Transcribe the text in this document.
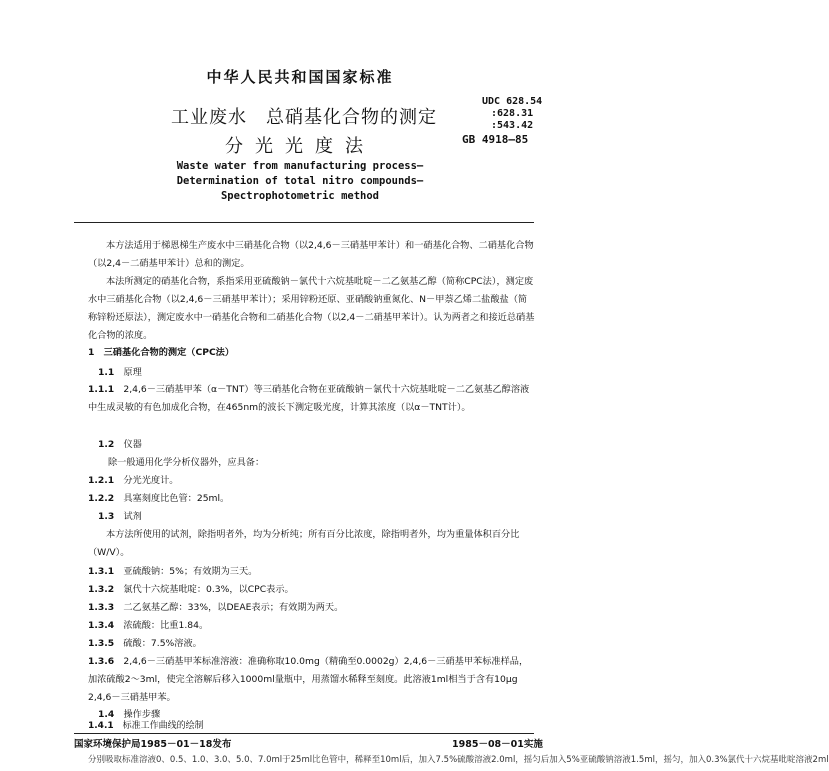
中华人民共和国国家标准
UDC 628.54
:628.31
:543.42
GB 4918—85
工业废水　总硝基化合物的测定
分光光度法
Waste water from manufacturing process—
Determination of total nitro compounds—
Spectrophotometric method
本方法适用于梯恩梯生产废水中三硝基化合物（以2,4,6－三硝基甲苯计）和一硝基化合物、二硝基化合物（以2,4－二硝基甲苯计）总和的测定。
本法所测定的硝基化合物，系指采用亚硫酸钠－氯代十六烷基吡啶－二乙氨基乙醇（简称CPC法），测定废水中三硝基化合物（以2,4,6－三硝基甲苯计）；采用锌粉还原、亚硝酸钠重氮化、N－甲萘乙烯二盐酸盐（简称锌粉还原法），测定废水中一硝基化合物和二硝基化合物（以2,4－二硝基甲苯计）。认为两者之和接近总硝基化合物的浓度。
1　 三硝基化合物的测定（CPC法）
1.1　 原理
1.1.1　 2,4,6－三硝基甲苯（α－TNT）等三硝基化合物在亚硫酸钠－氯代十六烷基吡啶－二乙氨基乙醇溶液中生成灵敏的有色加成化合物，在465nm的波长下测定吸光度，计算其浓度（以α－TNT计）。
1.2　 仪器
除一般通用化学分析仪器外，应具备：
1.2.1　 分光光度计。
1.2.2　 具塞刻度比色管：25ml。
1.3　 试剂
本方法所使用的试剂，除指明者外，均为分析纯；所有百分比浓度，除指明者外，均为重量体积百分比（W/V）。
1.3.1　 亚硫酸钠：5%；有效期为三天。
1.3.2　 氯代十六烷基吡啶：0.3%，以CPC表示。
1.3.3　 二乙氨基乙醇：33%，以DEAE表示；有效期为两天。
1.3.4　 浓硫酸：比重1.84。
1.3.5　 硫酸：7.5%溶液。
1.3.6　 2,4,6－三硝基甲苯标准溶液：准确称取10.0mg（精确至0.0002g）2,4,6－三硝基甲苯标准样品，加浓硫酸2～3ml，使完全溶解后移入1000ml量瓶中，用蒸馏水稀释至刻度。此溶液1ml相当于含有10μg 2,4,6－三硝基甲苯。
1.4　 操作步骤
1.4.1　 标准工作曲线的绘制
国家环境保护局1985－01－18发布	1985－08－01实施
分别吸取标准溶液0、0.5、1.0、3.0、5.0、7.0ml于25ml比色管中，稀释至10ml后，加入7.5%硫酸溶液2.0ml，摇匀后加入5%亚硫酸钠溶液1.5ml，摇匀，加入0.3%氯代十六烷基吡啶溶液2ml
